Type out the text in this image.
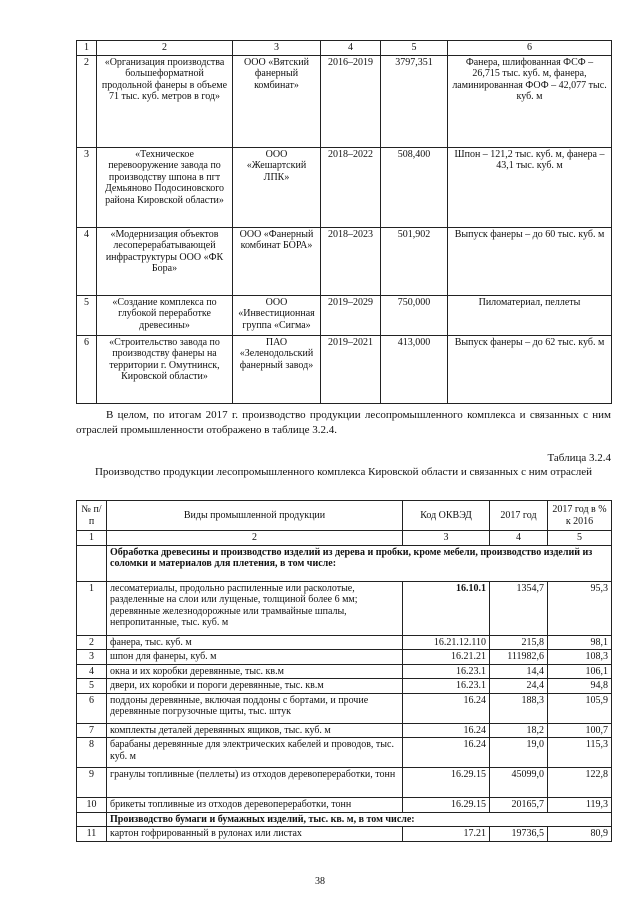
1	2	3	4	5	6
2	«Организация производства большеформатной продольной фанеры в объеме 71 тыс. куб. метров в год»	ООО «Вятский фанерный комбинат»	2016–2019	3797,351	Фанера, шлифованная ФСФ – 26,715 тыс. куб. м, фанера, ламинированная ФОФ – 42,077 тыс. куб. м
3	«Техническое перевооружение завода по производству шпона в пгт Демьяново Подосиновского района Кировской области»	ООО «Жешартский ЛПК»	2018–2022	508,400	Шпон – 121,2 тыс. куб. м, фанера – 43,1 тыс. куб. м
4	«Модернизация объектов лесоперерабатывающей инфраструктуры ООО «ФК Бора»	ООО «Фанерный комбинат БОРА»	2018–2023	501,902	Выпуск фанеры – до 60 тыс. куб. м
5	«Создание комплекса по глубокой переработке древесины»	ООО «Инвестиционная группа «Сигма»	2019–2029	750,000	Пиломатериал, пеллеты
6	«Строительство завода по производству фанеры на территории г. Омутнинск, Кировской области»	ПАО «Зеленодольский фанерный завод»	2019–2021	413,000	Выпуск фанеры – до 62 тыс. куб. м

В целом, по итогам 2017 г. производство продукции лесопромышленного комплекса и связанных с ним отраслей промышленности отображено в таблице 3.2.4.

Таблица 3.2.4

Производство продукции лесопромышленного комплекса Кировской области и связанных с ним отраслей

№ п/п	Виды промышленной продукции	Код ОКВЭД	2017 год	2017 год в % к 2016
1	2	3	4	5
	Обработка древесины и производство изделий из дерева и пробки, кроме мебели, производство изделий из соломки и материалов для плетения, в том числе:			
1	лесоматериалы, продольно распиленные или расколотые, разделенные на слои или лущеные, толщиной более 6 мм; деревянные железнодорожные или трамвайные шпалы, непропитанные, тыс. куб. м	16.10.1	1354,7	95,3
2	фанера, тыс. куб. м	16.21.12.110	215,8	98,1
3	шпон для фанеры, куб. м	16.21.21	111982,6	108,3
4	окна и их коробки деревянные, тыс. кв.м	16.23.1	14,4	106,1
5	двери, их коробки и пороги деревянные, тыс. кв.м	16.23.1	24,4	94,8
6	поддоны деревянные, включая поддоны с бортами, и прочие деревянные погрузочные щиты, тыс. штук	16.24	188,3	105,9
7	комплекты деталей деревянных ящиков, тыс. куб. м	16.24	18,2	100,7
8	барабаны деревянные для электрических кабелей и проводов, тыс. куб. м	16.24	19,0	115,3
9	гранулы топливные (пеллеты) из отходов деревопереработки, тонн	16.29.15	45099,0	122,8
10	брикеты топливные из отходов деревопереработки, тонн	16.29.15	20165,7	119,3
	Производство бумаги и бумажных изделий, тыс. кв. м, в том числе:			
11	картон гофрированный в рулонах или листах	17.21	19736,5	80,9

38
